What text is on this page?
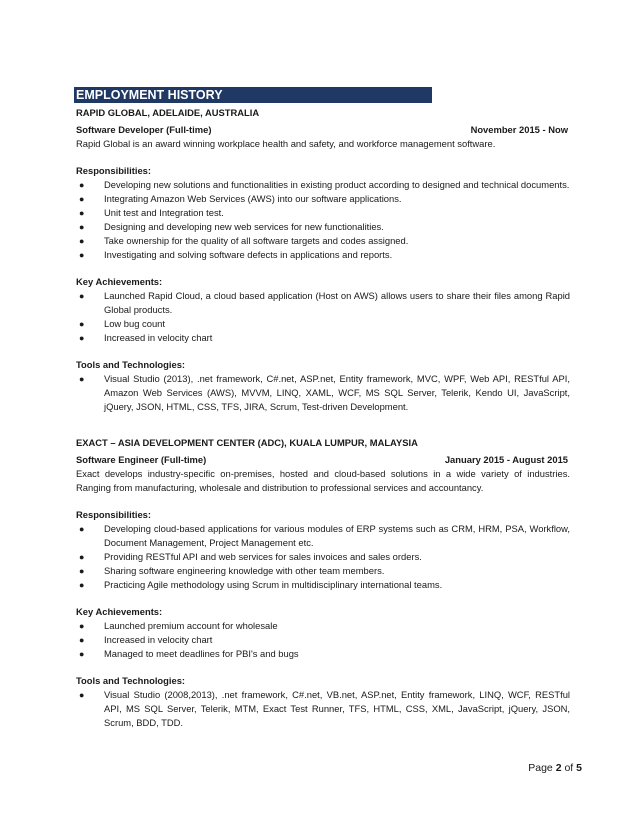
EMPLOYMENT HISTORY
RAPID GLOBAL, ADELAIDE, AUSTRALIA
Software Developer (Full-time)	November 2015 - Now

Rapid Global is an award winning workplace health and safety, and workforce management software.

Responsibilities:
● Developing new solutions and functionalities in existing product according to designed and technical documents.
● Integrating Amazon Web Services (AWS) into our software applications.
● Unit test and Integration test.
● Designing and developing new web services for new functionalities.
● Take ownership for the quality of all software targets and codes assigned.
● Investigating and solving software defects in applications and reports.
Key Achievements:
● Launched Rapid Cloud, a cloud based application (Host on AWS) allows users to share their files among Rapid Global products.
● Low bug count
● Increased in velocity chart
Tools and Technologies:
● Visual Studio (2013), .net framework, C#.net, ASP.net, Entity framework, MVC, WPF, Web API, RESTful API, Amazon Web Services (AWS), MVVM, LINQ, XAML, WCF, MS SQL Server, Telerik, Kendo UI, JavaScript, jQuery, JSON, HTML, CSS, TFS, JIRA, Scrum, Test-driven Development.
EXACT – ASIA DEVELOPMENT CENTER (ADC), KUALA LUMPUR, MALAYSIA
Software Engineer (Full-time)	January 2015 - August 2015

Exact develops industry-specific on-premises, hosted and cloud-based solutions in a wide variety of industries. Ranging from manufacturing, wholesale and distribution to professional services and accountancy.

Responsibilities:
● Developing cloud-based applications for various modules of ERP systems such as CRM, HRM, PSA, Workflow, Document Management, Project Management etc.
● Providing RESTful API and web services for sales invoices and sales orders.
● Sharing software engineering knowledge with other team members.
● Practicing Agile methodology using Scrum in multidisciplinary international teams.
Key Achievements:
● Launched premium account for wholesale
● Increased in velocity chart
● Managed to meet deadlines for PBI's and bugs
Tools and Technologies:
● Visual Studio (2008,2013), .net framework, C#.net, VB.net, ASP.net, Entity framework, LINQ, WCF, RESTful API, MS SQL Server, Telerik, MTM, Exact Test Runner, TFS, HTML, CSS, XML, JavaScript, jQuery, JSON, Scrum, BDD, TDD.
Page 2 of 5
